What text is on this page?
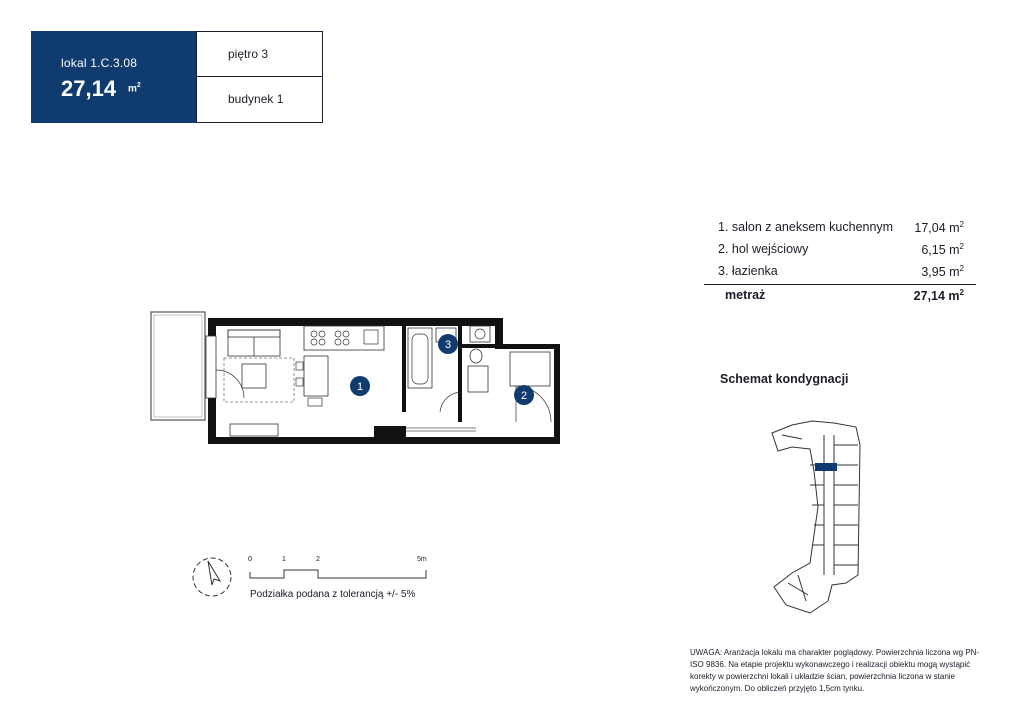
lokal 1.C.3.08
27,14 $m^2$
piętro 3
budynek 1
1. salon z aneksem kuchennym 17,04 $m^2$
2. hol wejściowy	6,15 $m^2$
3. łazienka	3,95 $m^2$
metraż	27,14 $m^2$
1
2
3
Schemat kondygnacji
0	1	2	5m
Podziałka podana z tolerancją +/- 5%
UWAGA: Aranżacja lokalu ma charakter poglądowy. Powierzchnia liczona wg PN-ISO 9836. Na etapie projektu wykonawczego i realizacji obiektu mogą wystąpić korekty w powierzchni lokali i układzie ścian, powierzchnia liczona w stanie wykończonym. Do obliczeń przyjęto 1,5cm tynku.
